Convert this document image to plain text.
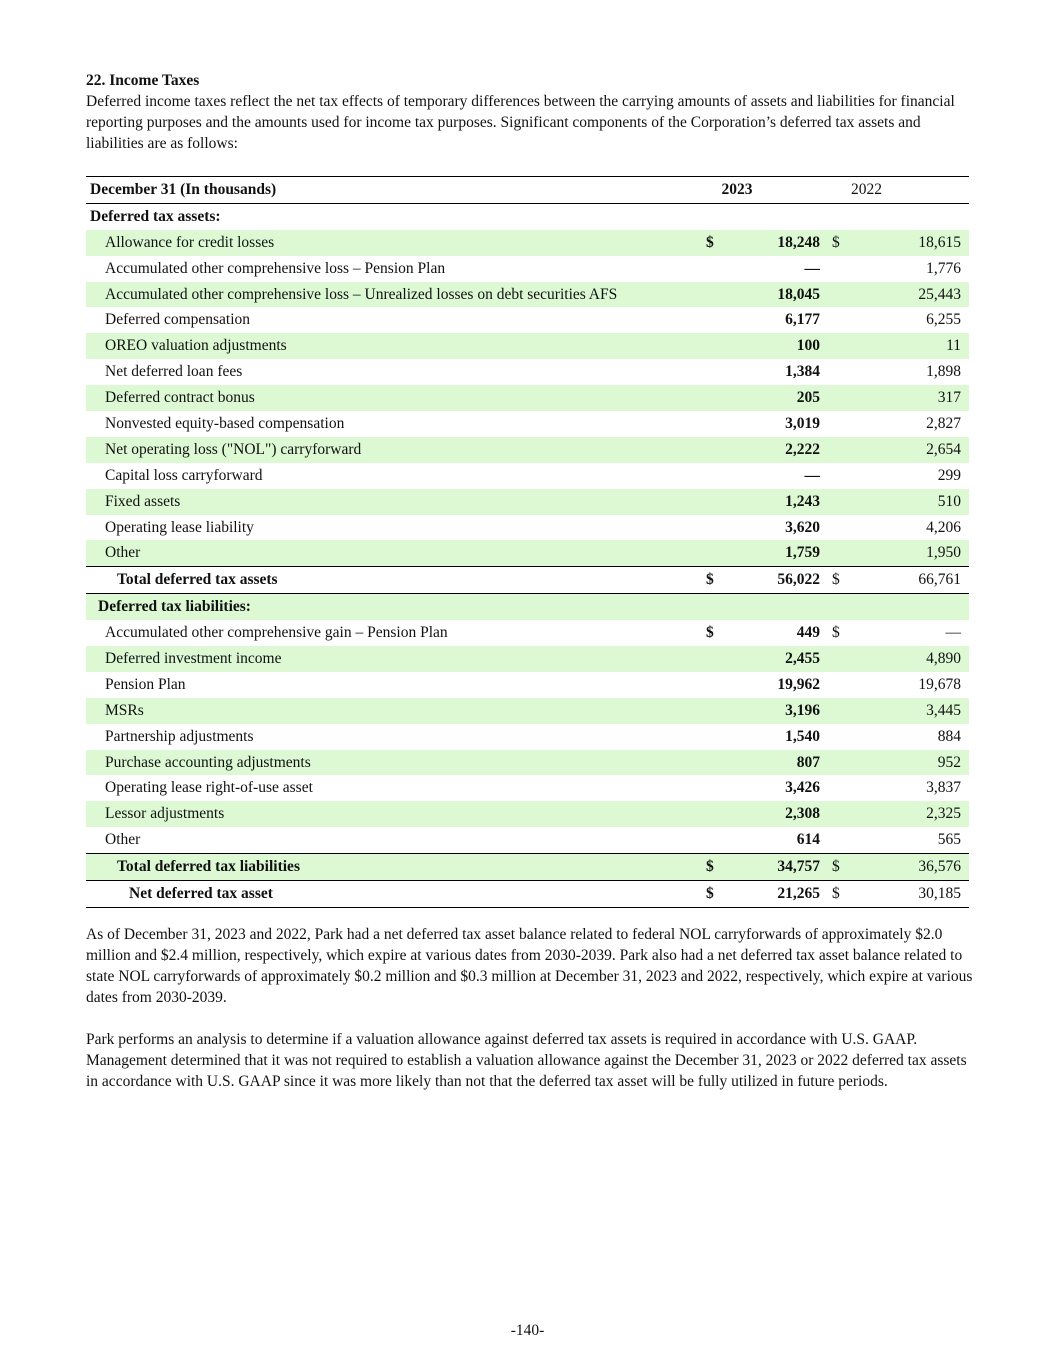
22. Income Taxes

Deferred income taxes reflect the net tax effects of temporary differences between the carrying amounts of assets and liabilities for financial reporting purposes and the amounts used for income tax purposes. Significant components of the Corporation’s deferred tax assets and liabilities are as follows:

December 31 (In thousands)	2023		2022	
Deferred tax assets:				
Allowance for credit losses	$	18,248	$	18,615
Accumulated other comprehensive loss – Pension Plan		—		1,776
Accumulated other comprehensive loss – Unrealized losses on debt securities AFS		18,045		25,443
Deferred compensation		6,177		6,255
OREO valuation adjustments		100		11
Net deferred loan fees		1,384		1,898
Deferred contract bonus		205		317
Nonvested equity-based compensation		3,019		2,827
Net operating loss ("NOL") carryforward		2,222		2,654
Capital loss carryforward		—		299
Fixed assets		1,243		510
Operating lease liability		3,620		4,206
Other		1,759		1,950
Total deferred tax assets	$	56,022	$	66,761
Deferred tax liabilities:				
Accumulated other comprehensive gain – Pension Plan	$	449	$	—
Deferred investment income		2,455		4,890
Pension Plan		19,962		19,678
MSRs		3,196		3,445
Partnership adjustments		1,540		884
Purchase accounting adjustments		807		952
Operating lease right-of-use asset		3,426		3,837
Lessor adjustments		2,308		2,325
Other		614		565
Total deferred tax liabilities	$	34,757	$	36,576
Net deferred tax asset	$	21,265	$	30,185

As of December 31, 2023 and 2022, Park had a net deferred tax asset balance related to federal NOL carryforwards of approximately $2.0 million and $2.4 million, respectively, which expire at various dates from 2030-2039. Park also had a net deferred tax asset balance related to state NOL carryforwards of approximately $0.2 million and $0.3 million at December 31, 2023 and 2022, respectively, which expire at various dates from 2030-2039.

Park performs an analysis to determine if a valuation allowance against deferred tax assets is required in accordance with U.S. GAAP. Management determined that it was not required to establish a valuation allowance against the December 31, 2023 or 2022 deferred tax assets in accordance with U.S. GAAP since it was more likely than not that the deferred tax asset will be fully utilized in future periods.

-140-
